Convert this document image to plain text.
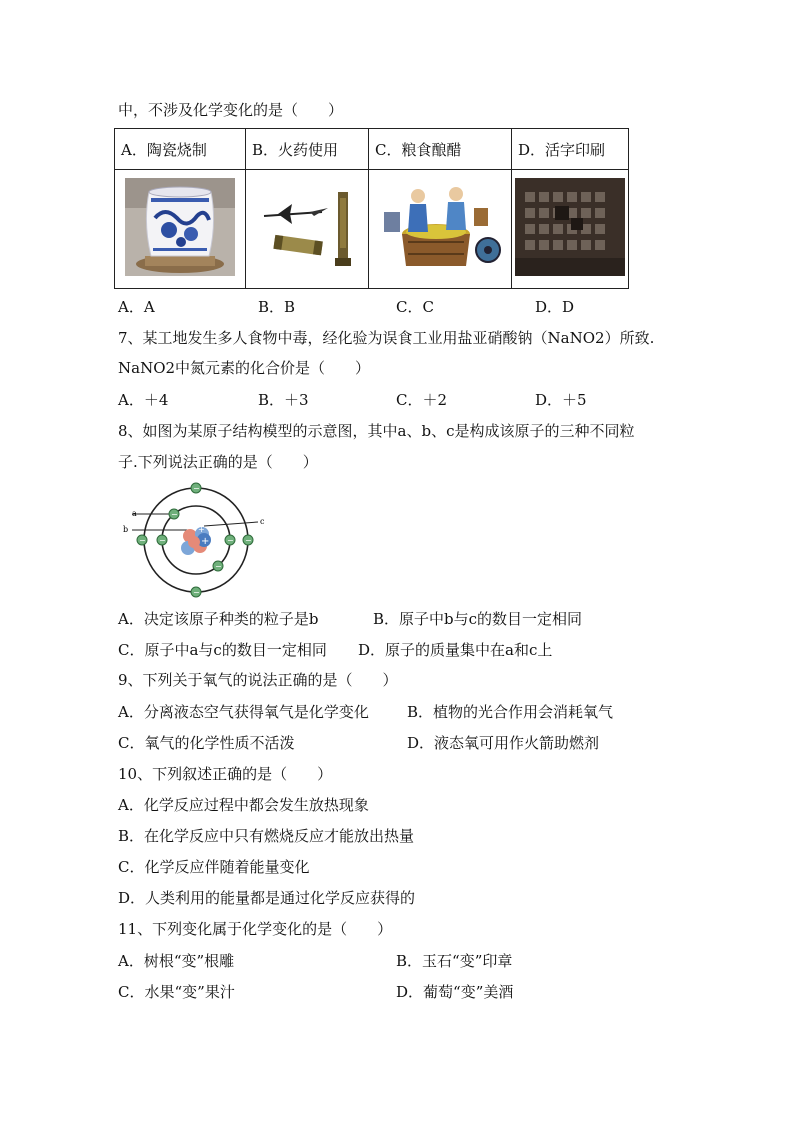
中，不涉及化学变化的是（　　）
A．陶瓷烧制	B．火药使用	C．粮食酿醋	D．活字印刷

A．A	B．B	C．C	D．D
7、某工地发生多人食物中毒，经化验为误食工业用盐亚硝酸钠（NaNO2）所致.
NaNO2中氮元素的化合价是（　　）
A．＋4	B．＋3	C．＋2	D．＋5
8、如图为某原子结构模型的示意图，其中a、b、c是构成该原子的三种不同粒
子.下列说法正确的是（　　）
a
b
c
+
+
−
−
−
−
−	−
−	−
A．决定该原子种类的粒子是b	B．原子中b与c的数目一定相同
C．原子中a与c的数目一定相同 D．原子的质量集中在a和c上
9、下列关于氧气的说法正确的是（　　）
A．分离液态空气获得氧气是化学变化	B．植物的光合作用会消耗氧气
C．氧气的化学性质不活泼	D．液态氧可用作火箭助燃剂
10、下列叙述正确的是（　　）
A．化学反应过程中都会发生放热现象
B．在化学反应中只有燃烧反应才能放出热量
C．化学反应伴随着能量变化
D．人类利用的能量都是通过化学反应获得的
11、下列变化属于化学变化的是（　　）
A．树根“变”根雕	B．玉石“变”印章
C．水果“变”果汁	D．葡萄“变”美酒
